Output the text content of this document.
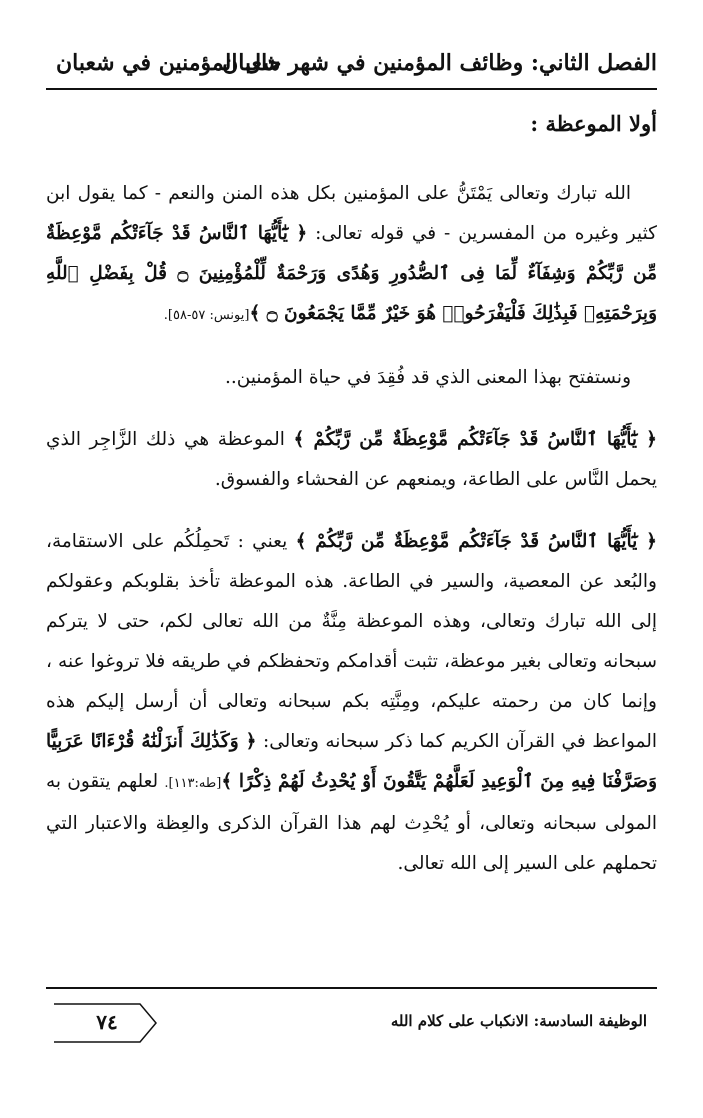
الفصل الثاني: وظائف المؤمنين في شهر شعبان
حال المؤمنين في شعبان
أولا الموعظة :

الله تبارك وتعالى يَمْتَنُّ على المؤمنين بكل هذه المنن والنعم - كما يقول ابن كثير وغيره من المفسرين - في قوله تعالى: ﴿ يَٰٓأَيُّهَا ٱلنَّاسُ قَدْ جَآءَتْكُم مَّوْعِظَةٌ مِّن رَّبِّكُمْ وَشِفَآءٌ لِّمَا فِى ٱلصُّدُورِ وَهُدًى وَرَحْمَةٌ لِّلْمُؤْمِنِينَ ۝ قُلْ بِفَضْلِ ٱللَّهِ وَبِرَحْمَتِهِۦ فَبِذَٰلِكَ فَلْيَفْرَحُوا۟ هُوَ خَيْرٌ مِّمَّا يَجْمَعُونَ ۝ ﴾[يونس: ٥٧-٥٨].

ونستفتح بهذا المعنى الذي قد فُقِدَ في حياة المؤمنين..

﴿ يَٰٓأَيُّهَا ٱلنَّاسُ قَدْ جَآءَتْكُم مَّوْعِظَةٌ مِّن رَّبِّكُمْ ﴾ الموعظة هي ذلك الزَّاجِر الذي يحمل النَّاس على الطاعة، ويمنعهم عن الفحشاء والفسوق.

﴿ يَٰٓأَيُّهَا ٱلنَّاسُ قَدْ جَآءَتْكُم مَّوْعِظَةٌ مِّن رَّبِّكُمْ ﴾ يعني : تَحمِلُكُم على الاستقامة، والبُعد عن المعصية، والسير في الطاعة. هذه الموعظة تأخذ بقلوبكم وعقولكم إلى الله تبارك وتعالى، وهذه الموعظة مِنَّةٌ من الله تعالى لكم، حتى لا يتركم سبحانه وتعالى بغير موعظة، تثبت أقدامكم وتحفظكم في طريقه فلا تروغوا عنه ، وإنما كان من رحمته عليكم، ومِنَّتِه بكم سبحانه وتعالى أن أرسل إليكم هذه المواعظ في القرآن الكريم كما ذكر سبحانه وتعالى: ﴿ وَكَذَٰلِكَ أَنزَلْنَٰهُ قُرْءَانًا عَرَبِيًّا وَصَرَّفْنَا فِيهِ مِنَ ٱلْوَعِيدِ لَعَلَّهُمْ يَتَّقُونَ أَوْ يُحْدِثُ لَهُمْ ذِكْرًا ﴾[طه:١١٣]. لعلهم يتقون به المولى سبحانه وتعالى، أو يُحْدِث لهم هذا القرآن الذكرى والعِظة والاعتبار التي تحملهم على السير إلى الله تعالى.

الوظيفة السادسة: الانكباب على كلام الله
٧٤
